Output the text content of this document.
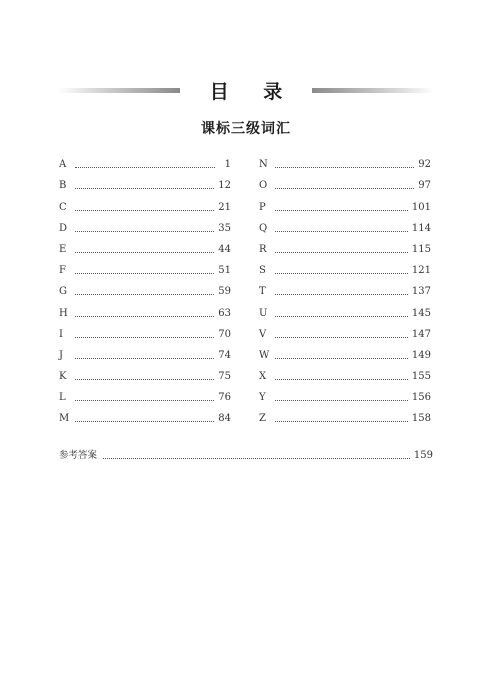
目 录
课标三级词汇
A	1
B	12
C	21
D	35
E	44
F	51
G	59
H	63
I	70
J	74
K	75
L	76
M	84
N	92
O	97
P	101
Q	114
R	115
S	121
T	137
U	145
V	147
W	149
X	155
Y	156
Z	158
参考答案	159
